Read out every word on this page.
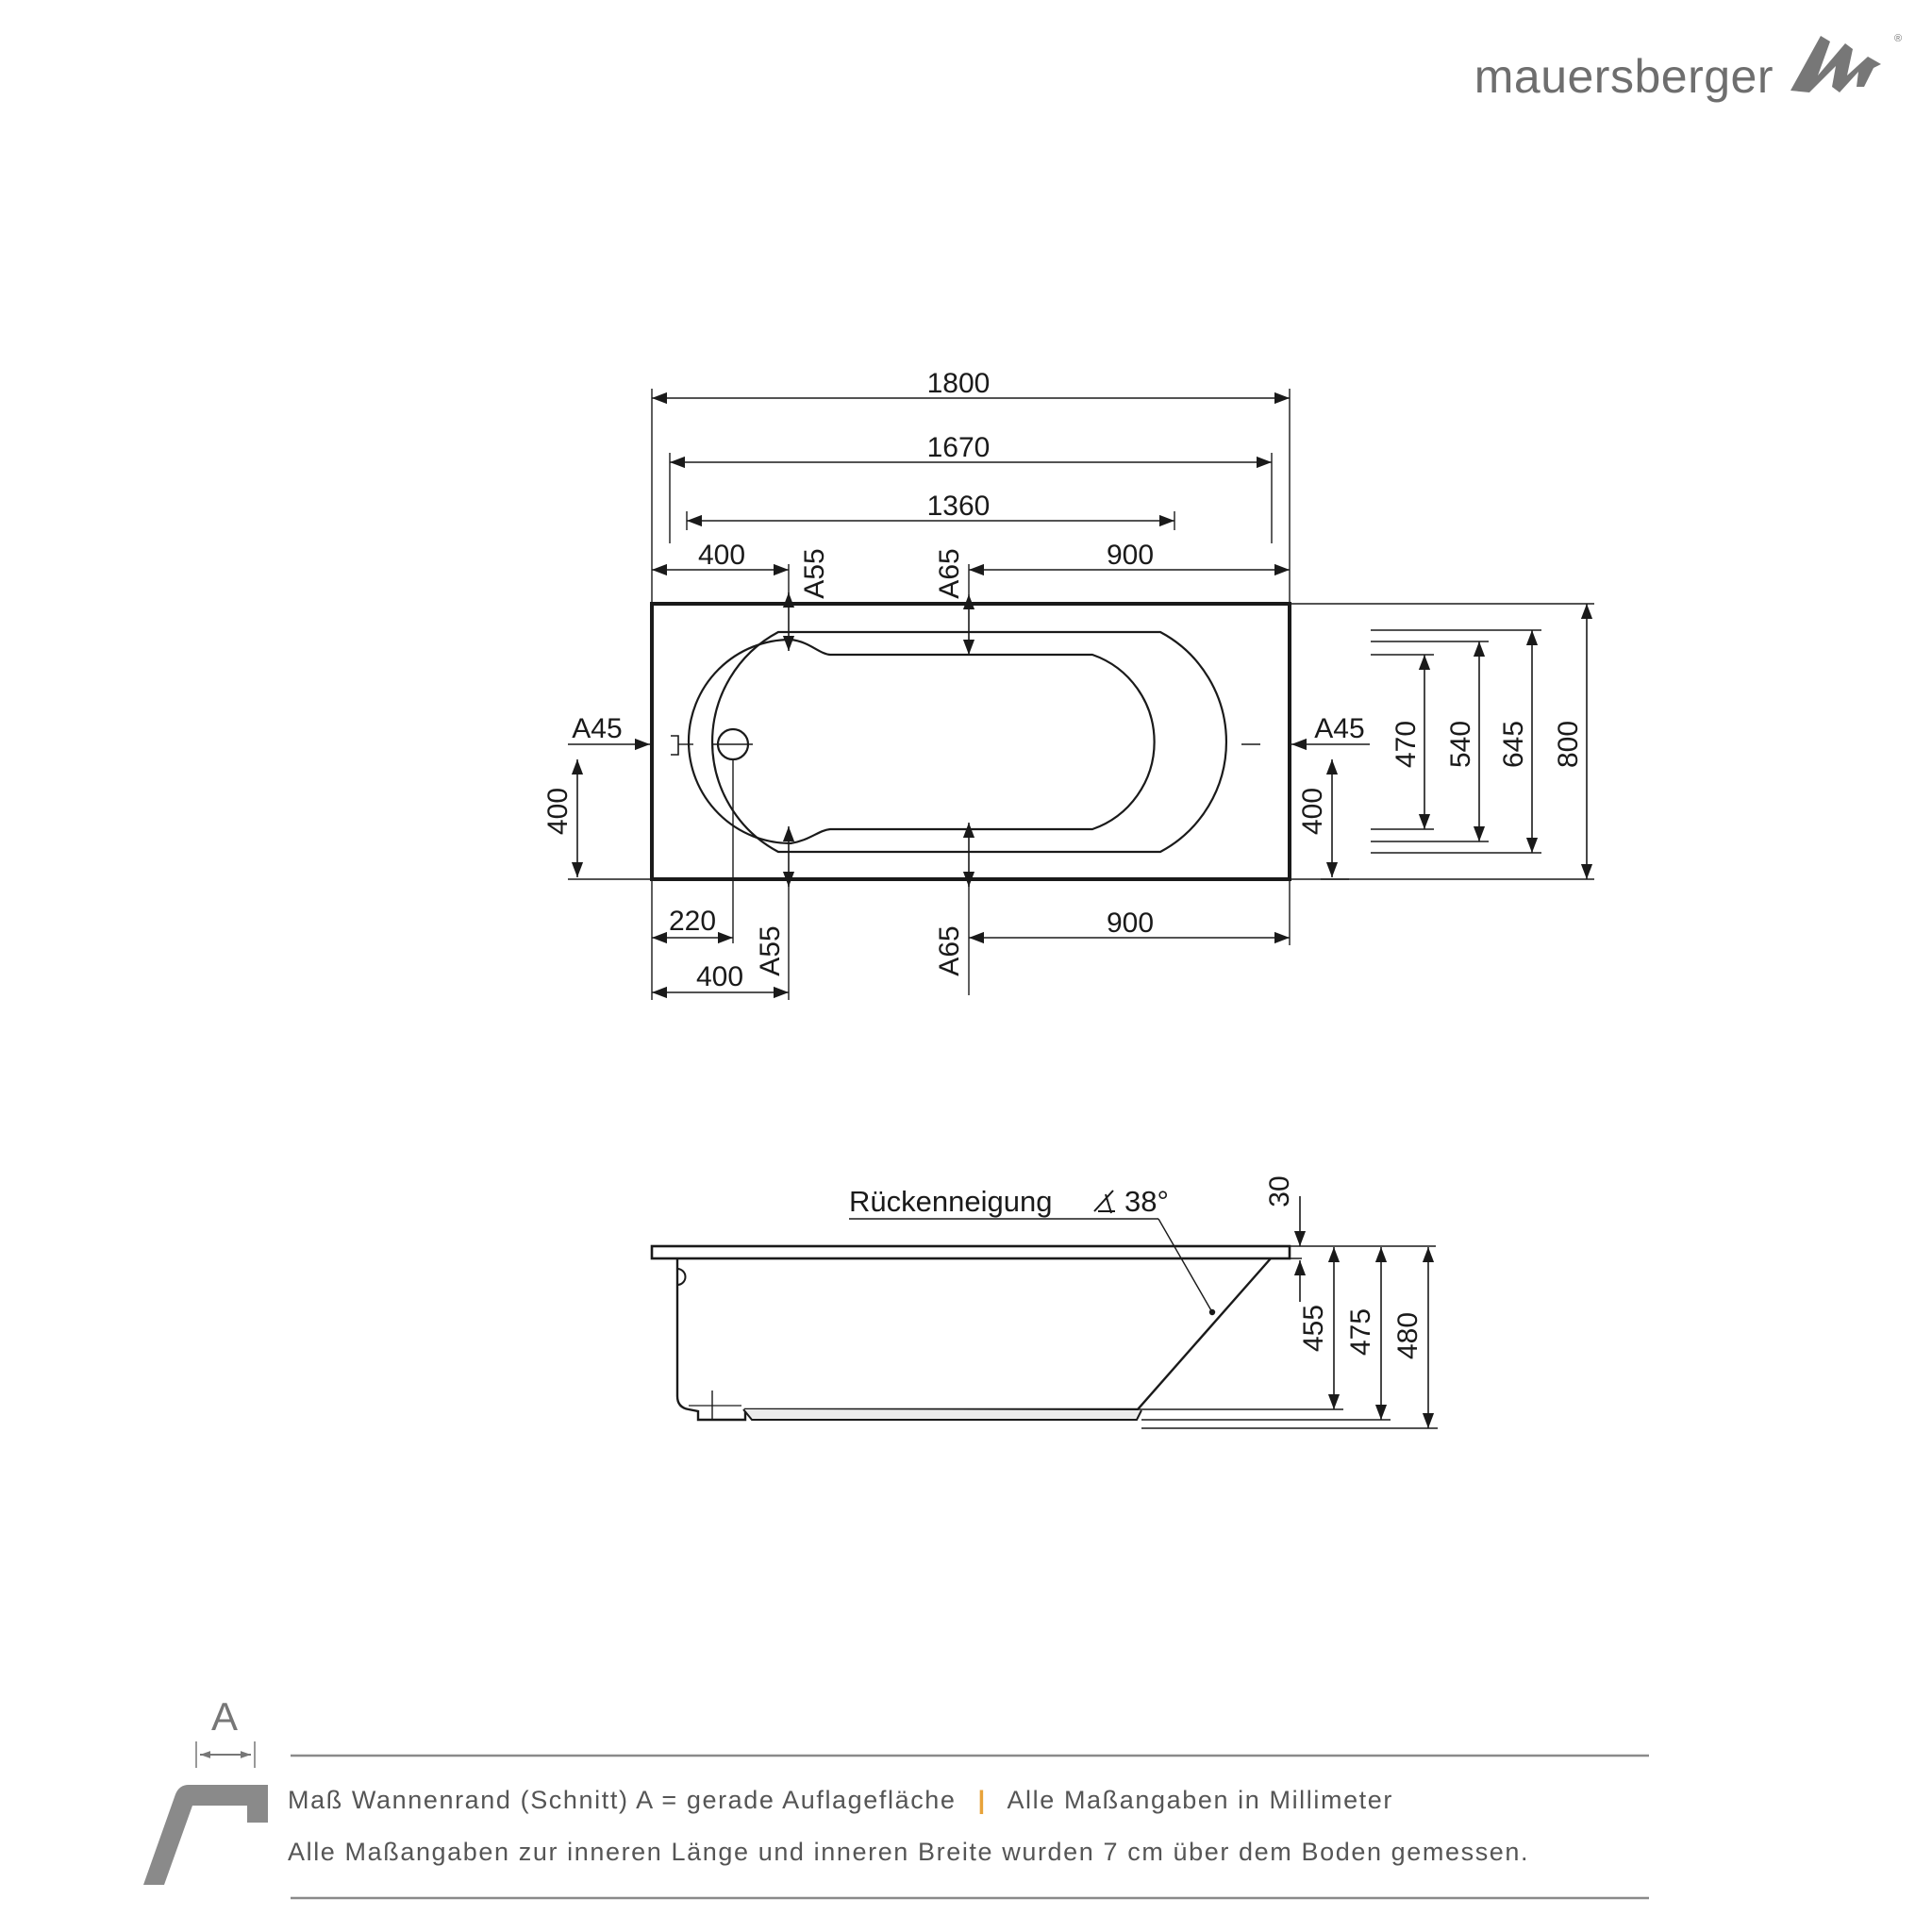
mauersberger
®
1800
1670
1360
400	900
A55	A65
A45	A45
400	400
220
400
A55	A65
900
470 540 645 800
Rückenneigung 38°	30
455 475 480
A
Maß Wannenrand (Schnitt) A = gerade Auflagefläche | Alle Maßangaben in Millimeter
Alle Maßangaben zur inneren Länge und inneren Breite wurden 7 cm über dem Boden gemessen.
